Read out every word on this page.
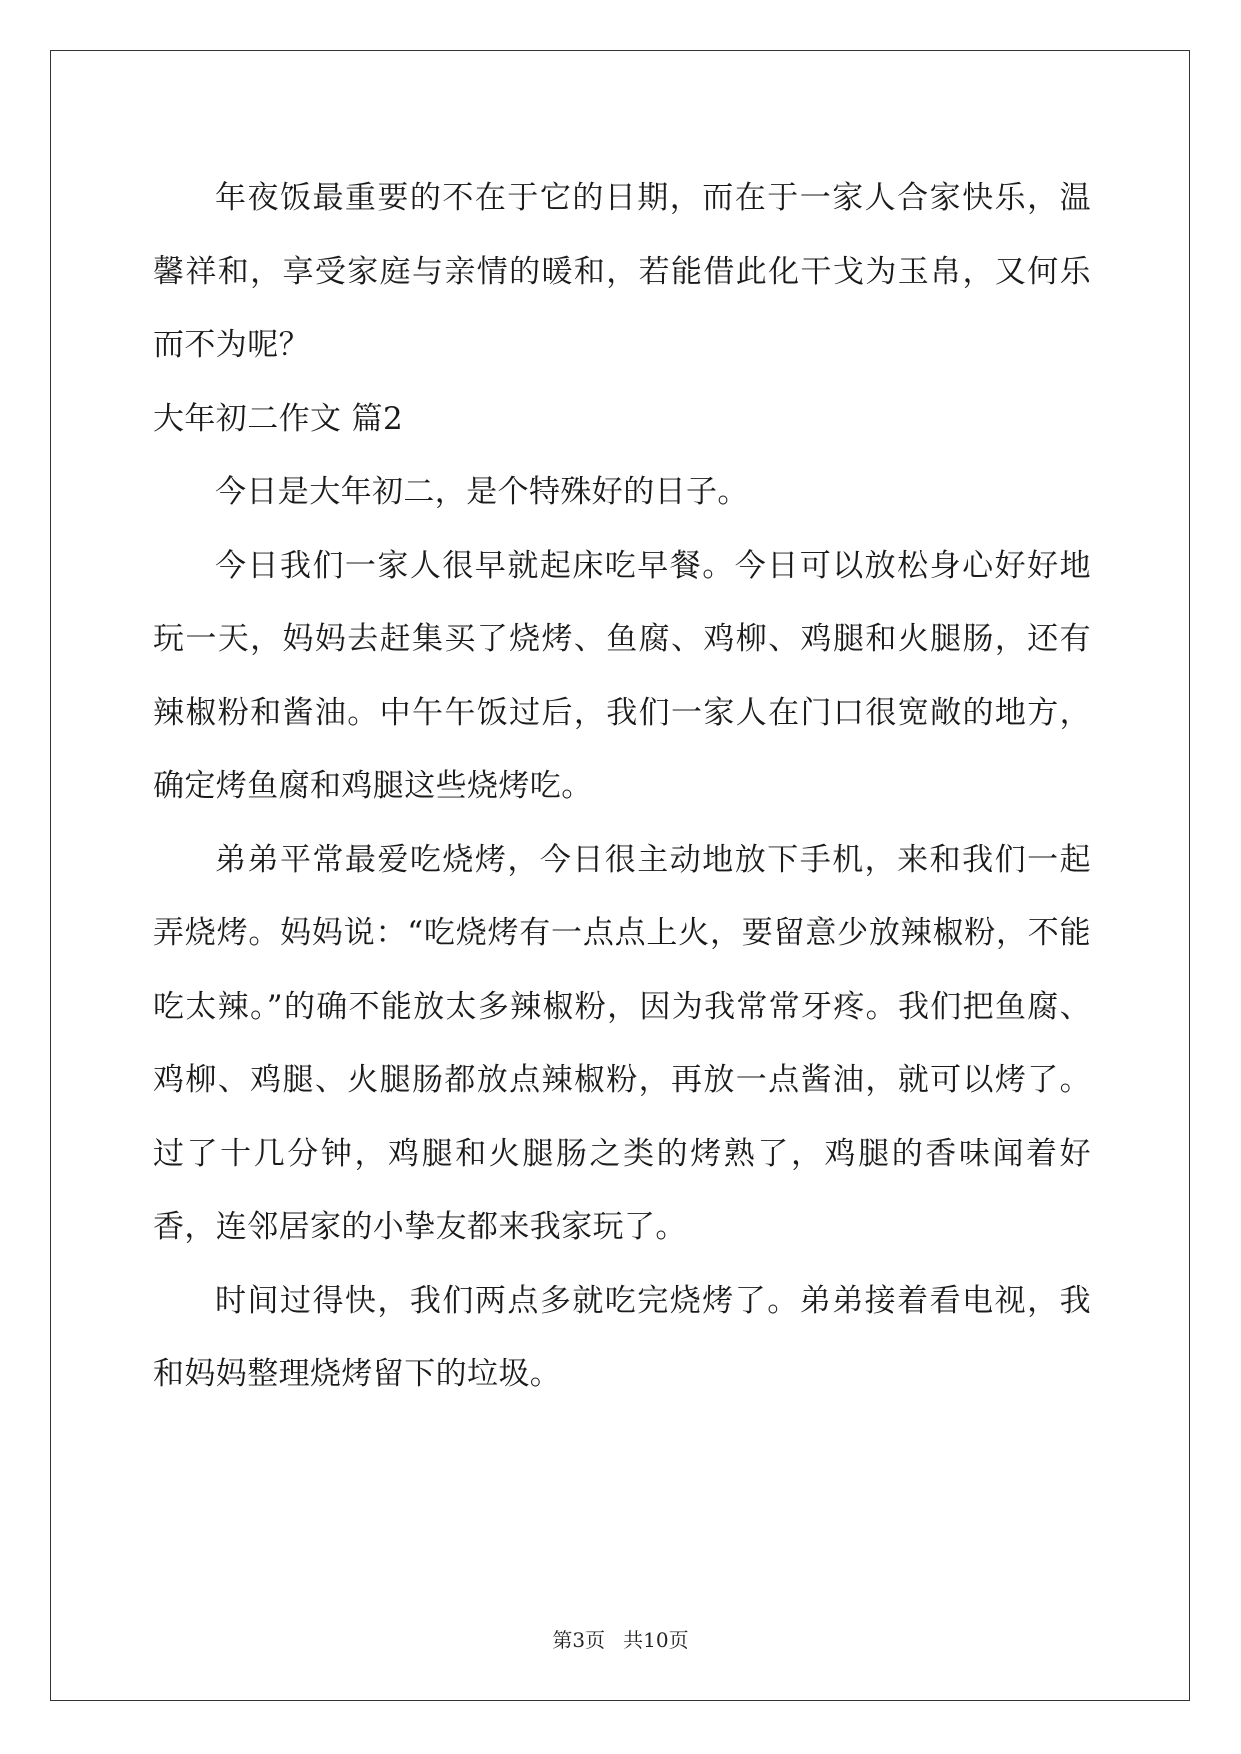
年夜饭最重要的不在于它的日期，而在于一家人合家快乐，温馨祥和，享受家庭与亲情的暖和，若能借此化干戈为玉帛，又何乐而不为呢？

大年初二作文 篇2

今日是大年初二，是个特殊好的日子。

今日我们一家人很早就起床吃早餐。今日可以放松身心好好地玩一天，妈妈去赶集买了烧烤、鱼腐、鸡柳、鸡腿和火腿肠，还有辣椒粉和酱油。中午午饭过后，我们一家人在门口很宽敞的地方，确定烤鱼腐和鸡腿这些烧烤吃。

弟弟平常最爱吃烧烤，今日很主动地放下手机，来和我们一起弄烧烤。妈妈说：“吃烧烤有一点点上火，要留意少放辣椒粉，不能吃太辣。”的确不能放太多辣椒粉，因为我常常牙疼。我们把鱼腐、鸡柳、鸡腿、火腿肠都放点辣椒粉，再放一点酱油，就可以烤了。过了十几分钟，鸡腿和火腿肠之类的烤熟了，鸡腿的香味闻着好香，连邻居家的小挚友都来我家玩了。

时间过得快，我们两点多就吃完烧烤了。弟弟接着看电视，我和妈妈整理烧烤留下的垃圾。

第3页 共10页
